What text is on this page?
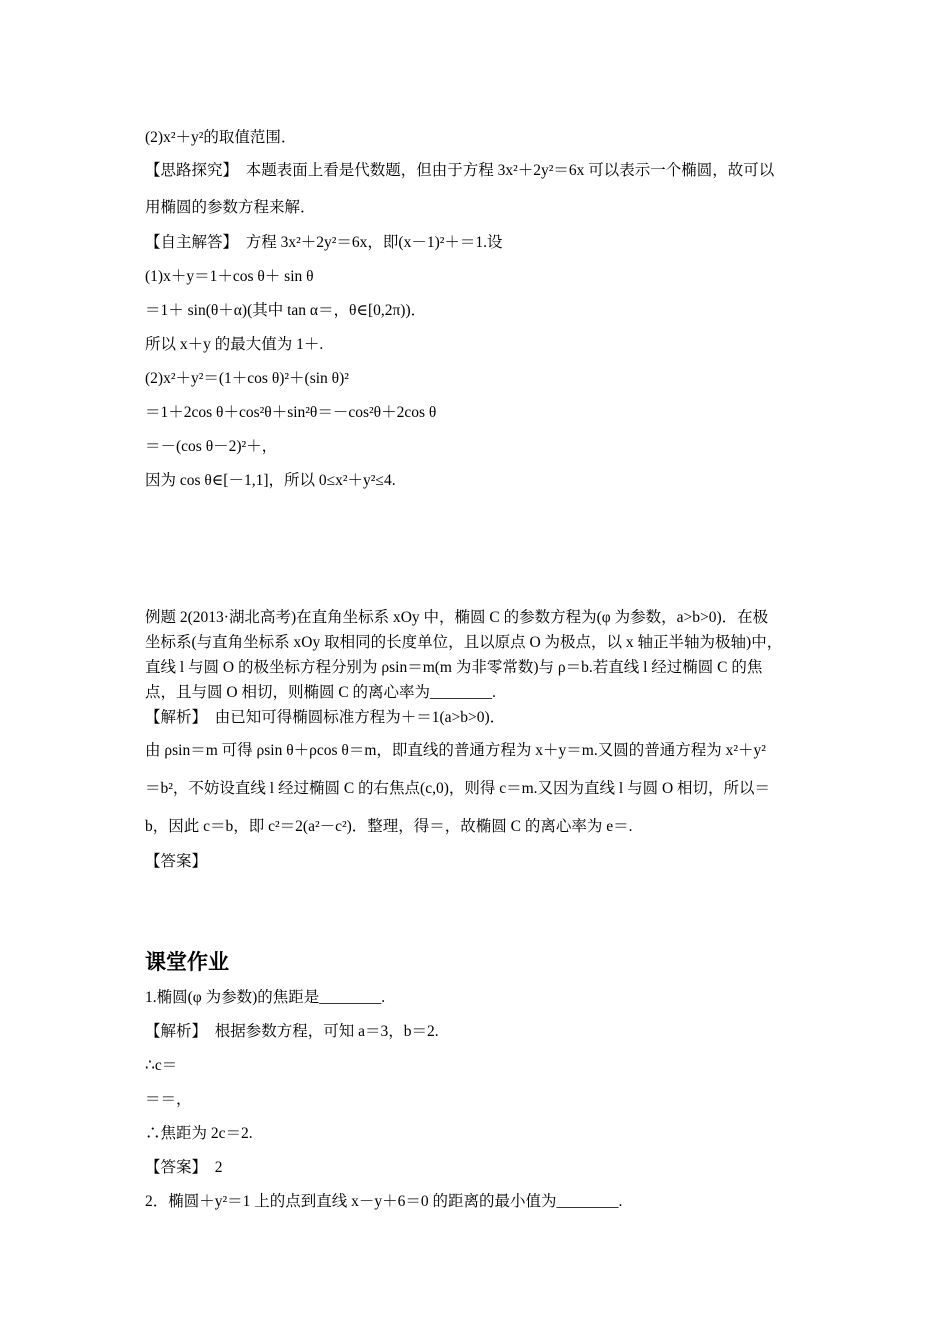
(2)x²＋y²的取值范围．
【思路探究】　本题表面上看是代数题，但由于方程 3x²＋2y²＝6x 可以表示一个椭圆，故可以
用椭圆的参数方程来解．
【自主解答】　方程 3x²＋2y²＝6x，即(x－1)²＋＝1.设
(1)x＋y＝1＋cos θ＋ sin θ
＝1＋ sin(θ＋α)(其中 tan α＝，θ∈[0,2π))．
所以 x＋y 的最大值为 1＋.
(2)x²＋y²＝(1＋cos θ)²＋(sin θ)²
＝1＋2cos θ＋cos²θ＋sin²θ＝－cos²θ＋2cos θ
＝－(cos θ－2)²＋，
因为 cos θ∈[－1,1]，所以 0≤x²＋y²≤4.
例题 2(2013·湖北高考)在直角坐标系 xOy 中，椭圆 C 的参数方程为(φ 为参数，a>b>0)．在极
坐标系(与直角坐标系 xOy 取相同的长度单位，且以原点 O 为极点，以 x 轴正半轴为极轴)中，
直线 l 与圆 O 的极坐标方程分别为 ρsin＝m(m 为非零常数)与 ρ＝b.若直线 l 经过椭圆 C 的焦
点，且与圆 O 相切，则椭圆 C 的离心率为________.
【解析】　由已知可得椭圆标准方程为＋＝1(a>b>0)．
由 ρsin＝m 可得 ρsin θ＋ρcos θ＝m，即直线的普通方程为 x＋y＝m.又圆的普通方程为 x²＋y²
＝b²，不妨设直线 l 经过椭圆 C 的右焦点(c,0)，则得 c＝m.又因为直线 l 与圆 O 相切，所以＝
b，因此 c＝b，即 c²＝2(a²－c²)．整理，得＝，故椭圆 C 的离心率为 e＝.
【答案】
课堂作业
1.椭圆(φ 为参数)的焦距是________.
【解析】　根据参数方程，可知 a＝3，b＝2.
∴c＝
＝＝，
∴焦距为 2c＝2.
【答案】　2
2．椭圆＋y²＝1 上的点到直线 x－y＋6＝0 的距离的最小值为________.
